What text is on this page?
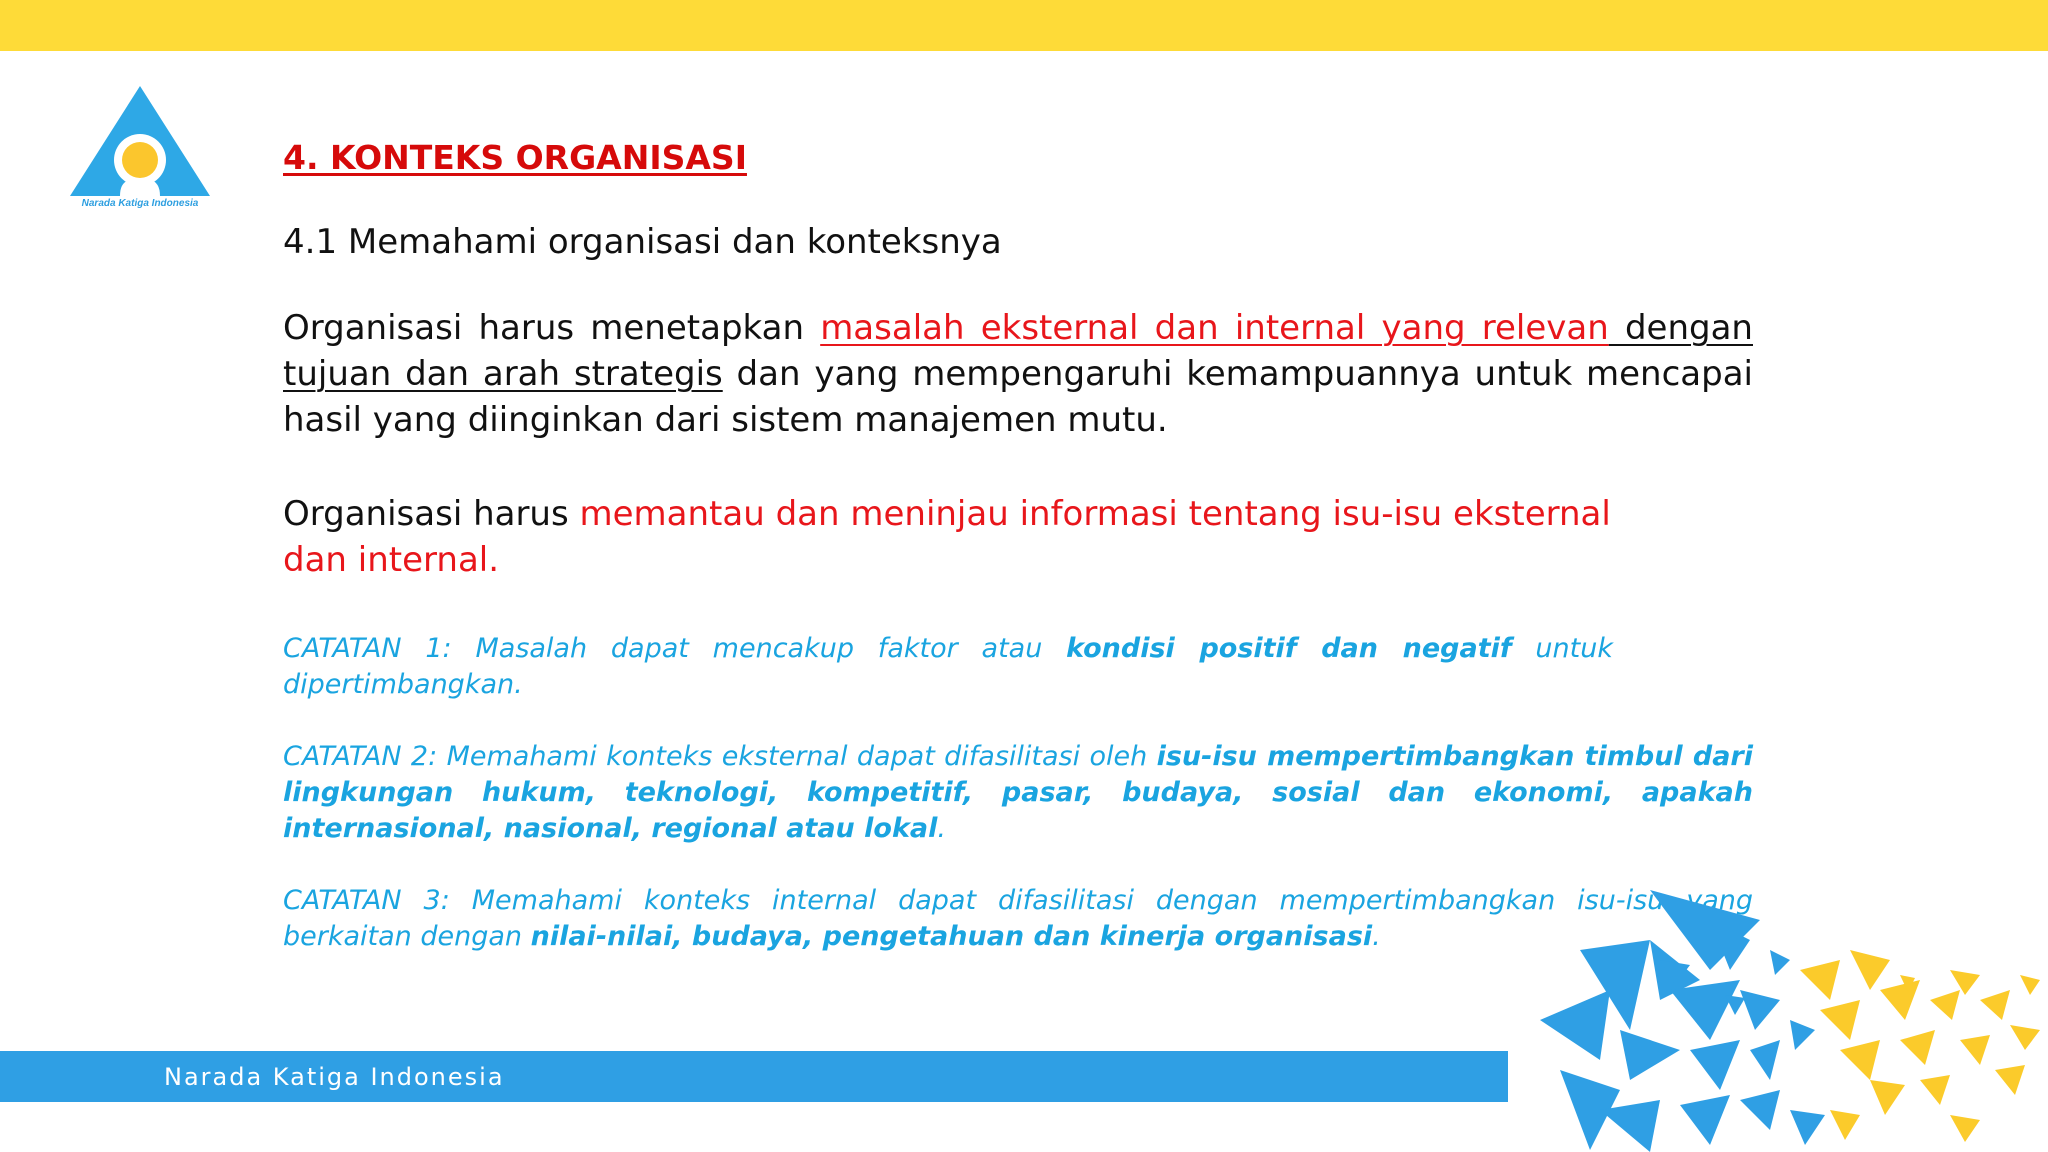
Narada Katiga Indonesia
4. KONTEKS ORGANISASI
4.1 Memahami organisasi dan konteksnya

Organisasi harus menetapkan masalah eksternal dan internal yang relevan dengan tujuan dan arah strategis dan yang mempengaruhi kemampuannya untuk mencapai hasil yang diinginkan dari sistem manajemen mutu.

Organisasi harus memantau dan meninjau informasi tentang isu-isu eksternal
dan internal.

CATATAN 1: Masalah dapat mencakup faktor atau kondisi positif dan negatif untuk dipertimbangkan.

CATATAN 2: Memahami konteks eksternal dapat difasilitasi oleh isu-isu mempertimbangkan timbul dari lingkungan hukum, teknologi, kompetitif, pasar, budaya, sosial dan ekonomi, apakah internasional, nasional, regional atau lokal.

CATATAN 3: Memahami konteks internal dapat difasilitasi dengan mempertimbangkan isu-isu yang berkaitan dengan nilai-nilai, budaya, pengetahuan dan kinerja organisasi.

Narada Katiga Indonesia
